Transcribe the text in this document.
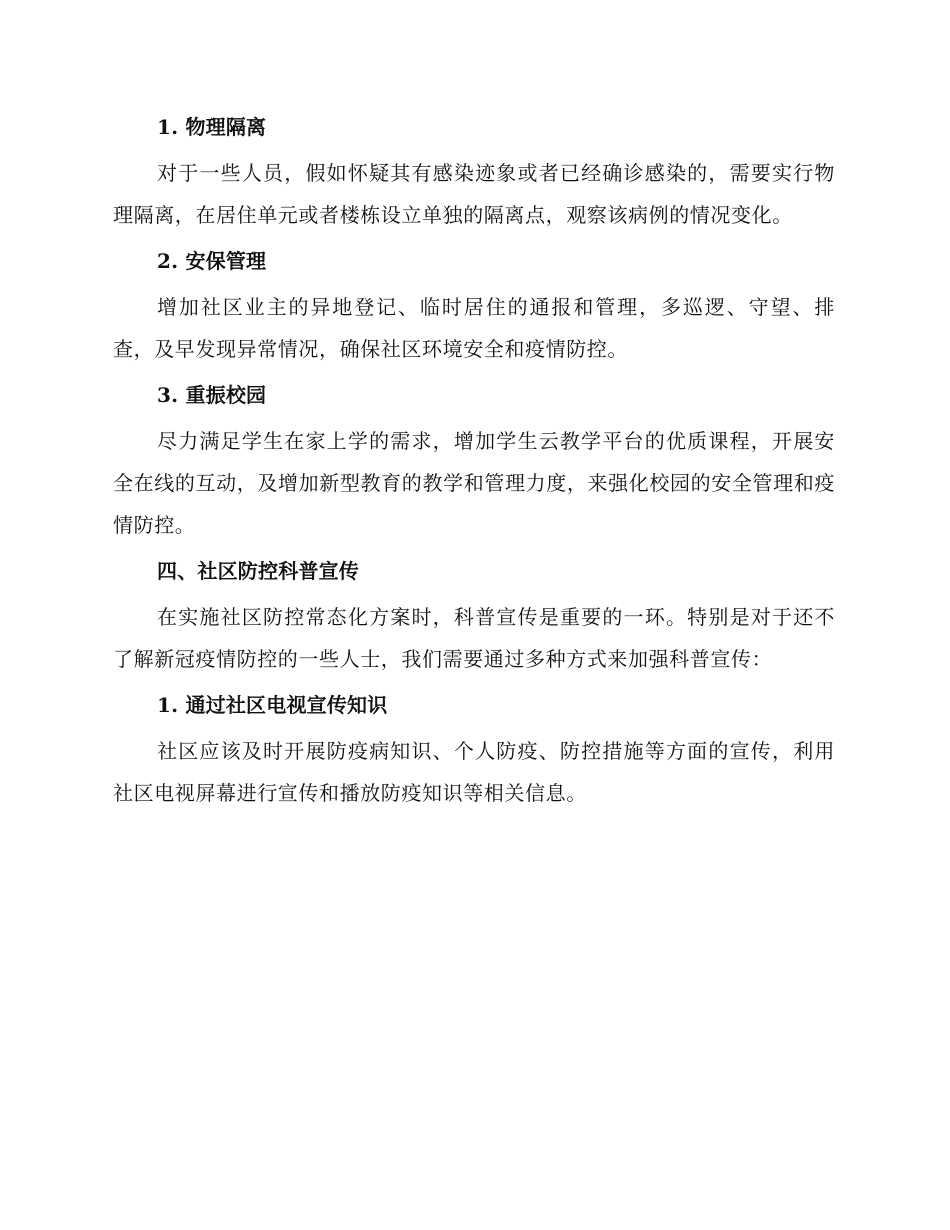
1. 物理隔离

对于一些人员，假如怀疑其有感染迹象或者已经确诊感染的，需要实行物理隔离，在居住单元或者楼栋设立单独的隔离点，观察该病例的情况变化。

2. 安保管理

增加社区业主的异地登记、临时居住的通报和管理，多巡逻、守望、排查，及早发现异常情况，确保社区环境安全和疫情防控。

3. 重振校园

尽力满足学生在家上学的需求，增加学生云教学平台的优质课程，开展安全在线的互动，及增加新型教育的教学和管理力度，来强化校园的安全管理和疫情防控。

四、社区防控科普宣传

在实施社区防控常态化方案时，科普宣传是重要的一环。特别是对于还不了解新冠疫情防控的一些人士，我们需要通过多种方式来加强科普宣传：

1. 通过社区电视宣传知识

社区应该及时开展防疫病知识、个人防疫、防控措施等方面的宣传，利用社区电视屏幕进行宣传和播放防疫知识等相关信息。
